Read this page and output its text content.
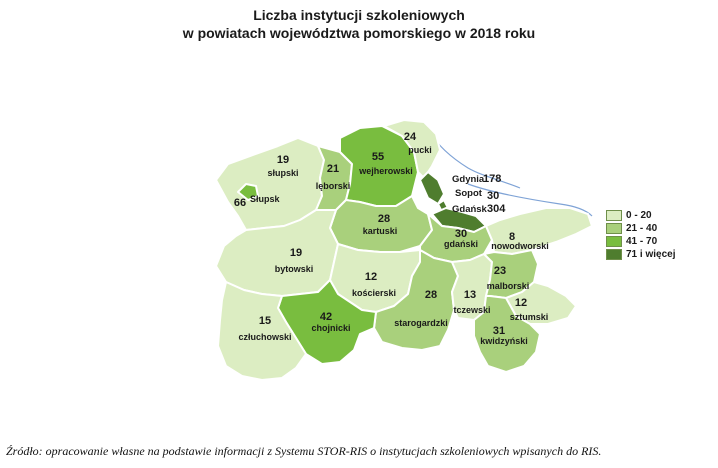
Liczba instytucji szkoleniowych
w powiatach województwa pomorskiego w 2018 roku
19
słupski
66 Słupsk
21
lęborski
55
wejherowski
24
pucki
Gdynia
178
Sopot 30
Gdańsk 304
28
kartuski	30
gdański
8
nowodworski
19
bytowski
12
kościerski	28
starogardzki
13
tczewski
23
malborski
12
sztumski
31
kwidzyński
42
chojnicki
15
człuchowski
0 - 20
21 - 40
41 - 70
71 i więcej
Źródło: opracowanie własne na podstawie informacji z Systemu STOR-RIS o instytucjach szkoleniowych wpisanych do RIS.
